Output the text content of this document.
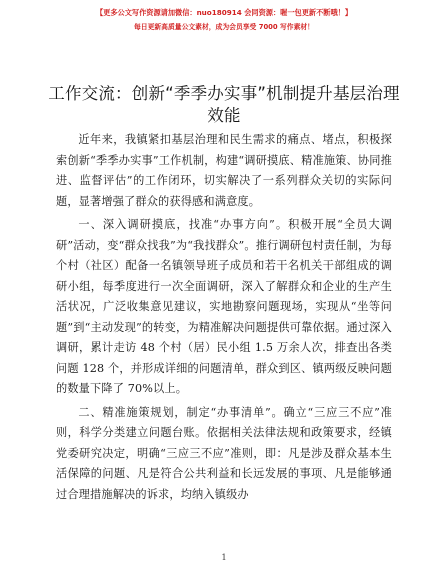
【更多公文写作资源请加微信：nuo180914 会同资源：喔一包更新不断哦！】
每日更新高质量公文素材，成为会员享受 7000 写作素材！
工作交流：创新“季季办实事”机制提升基层治理效能

近年来，我镇紧扣基层治理和民生需求的痛点、堵点，积极探索创新“季季办实事”工作机制，构建“调研摸底、精准施策、协同推进、监督评估”的工作闭环，切实解决了一系列群众关切的实际问题，显著增强了群众的获得感和满意度。

一、深入调研摸底，找准“办事方向”。积极开展“全员大调研”活动，变“群众找我”为“我找群众”。推行调研包村责任制，为每个村（社区）配备一名镇领导班子成员和若干名机关干部组成的调研小组，每季度进行一次全面调研，深入了解群众和企业的生产生活状况，广泛收集意见建议，实地勘察问题现场，实现从“坐等问题”到“主动发现”的转变，为精准解决问题提供可靠依据。通过深入调研，累计走访 48 个村（居）民小组 1.5 万余人次，排查出各类问题 128 个，并形成详细的问题清单，群众到区、镇两级反映问题的数量下降了 70%以上。

二、精准施策规划，制定“办事清单”。确立“三应三不应”准则，科学分类建立问题台账。依据相关法律法规和政策要求，经镇党委研究决定，明确“三应三不应”准则，即：凡是涉及群众基本生活保障的问题、凡是符合公共利益和长远发展的事项、凡是能够通过合理措施解决的诉求，均纳入镇级办

1
